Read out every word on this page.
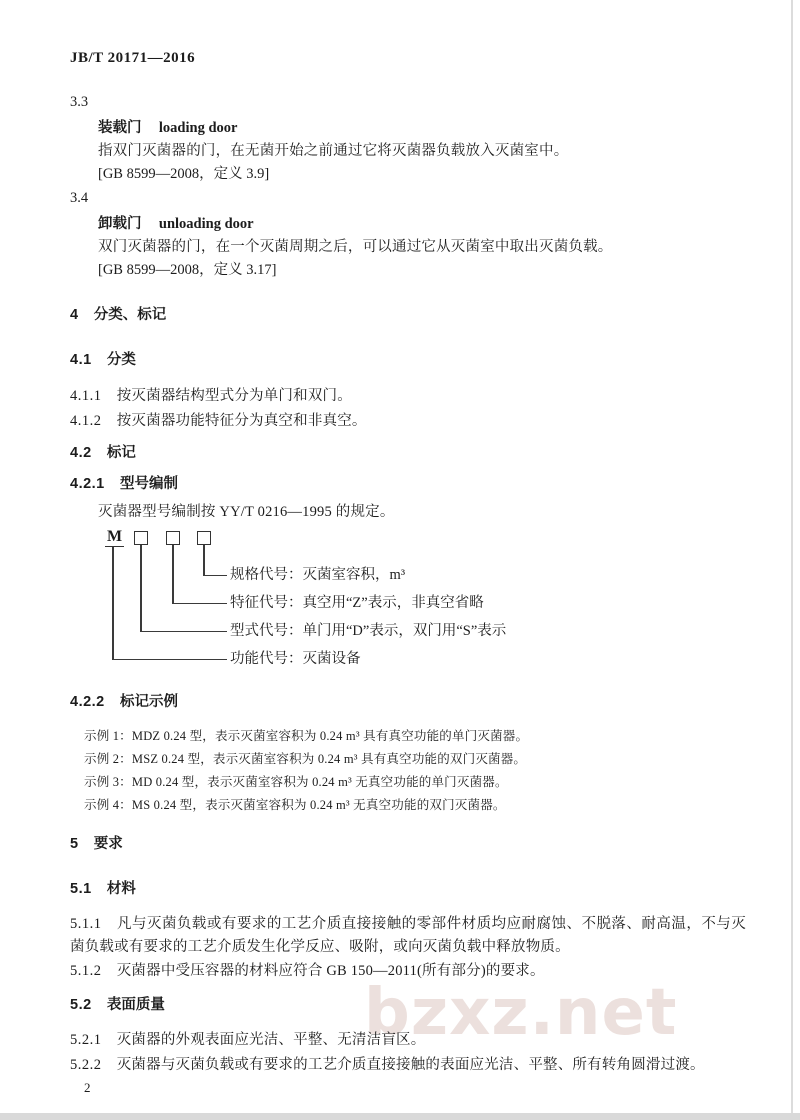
bzxz.net

JB/T 20171—2016

3.3

装载门 loading door

指双门灭菌器的门，在无菌开始之前通过它将灭菌器负载放入灭菌室中。

[GB 8599—2008，定义 3.9]

3.4

卸载门 unloading door

双门灭菌器的门，在一个灭菌周期之后，可以通过它从灭菌室中取出灭菌负载。

[GB 8599—2008，定义 3.17]

4 分类、标记

4.1 分类

4.1.1 按灭菌器结构型式分为单门和双门。

4.1.2 按灭菌器功能特征分为真空和非真空。

4.2 标记

4.2.1 型号编制

灭菌器型号编制按 YY/T 0216—1995 的规定。

M
规格代号：灭菌室容积，m³
特征代号：真空用“Z”表示，非真空省略
型式代号：单门用“D”表示，双门用“S”表示
功能代号：灭菌设备

4.2.2 标记示例

示例 1：MDZ 0.24 型，表示灭菌室容积为 0.24 m³ 具有真空功能的单门灭菌器。

示例 2：MSZ 0.24 型，表示灭菌室容积为 0.24 m³ 具有真空功能的双门灭菌器。

示例 3：MD 0.24 型，表示灭菌室容积为 0.24 m³ 无真空功能的单门灭菌器。

示例 4：MS 0.24 型，表示灭菌室容积为 0.24 m³ 无真空功能的双门灭菌器。

5 要求

5.1 材料

5.1.1 凡与灭菌负载或有要求的工艺介质直接接触的零部件材质均应耐腐蚀、不脱落、耐高温，不与灭菌负载或有要求的工艺介质发生化学反应、吸附，或向灭菌负载中释放物质。

5.1.2 灭菌器中受压容器的材料应符合 GB 150—2011(所有部分)的要求。

5.2 表面质量

5.2.1 灭菌器的外观表面应光洁、平整、无清洁盲区。

5.2.2 灭菌器与灭菌负载或有要求的工艺介质直接接触的表面应光洁、平整、所有转角圆滑过渡。

2
